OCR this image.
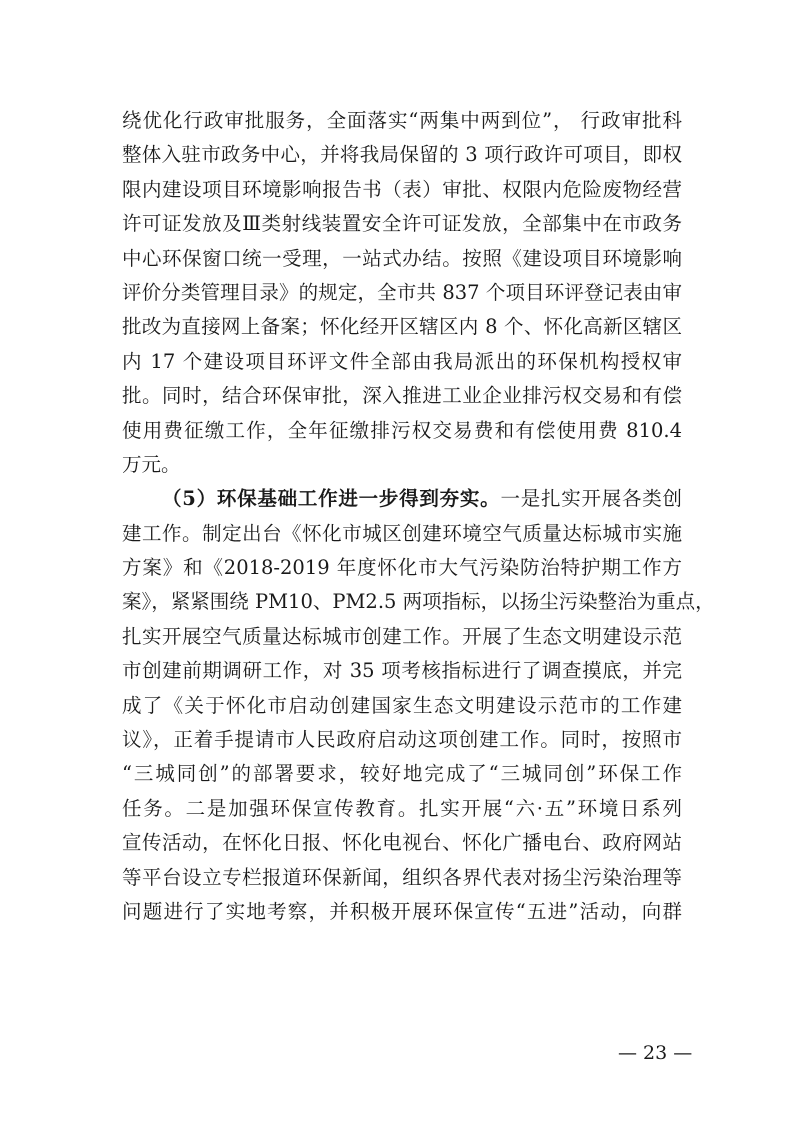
绕优化行政审批服务，全面落实“两集中两到位”， 行政审批科
整体入驻市政务中心，并将我局保留的 3 项行政许可项目，即权
限内建设项目环境影响报告书（表）审批、权限内危险废物经营
许可证发放及Ⅲ类射线装置安全许可证发放，全部集中在市政务
中心环保窗口统一受理，一站式办结。按照《建设项目环境影响
评价分类管理目录》的规定，全市共 837 个项目环评登记表由审
批改为直接网上备案；怀化经开区辖区内 8 个、怀化高新区辖区
内 17 个建设项目环评文件全部由我局派出的环保机构授权审
批。同时，结合环保审批，深入推进工业企业排污权交易和有偿
使用费征缴工作，全年征缴排污权交易费和有偿使用费 810.4
万元。
（5）环保基础工作进一步得到夯实。一是扎实开展各类创
建工作。制定出台《怀化市城区创建环境空气质量达标城市实施
方案》和《2018-2019 年度怀化市大气污染防治特护期工作方
案》，紧紧围绕 PM10、PM2.5 两项指标，以扬尘污染整治为重点，
扎实开展空气质量达标城市创建工作。开展了生态文明建设示范
市创建前期调研工作，对 35 项考核指标进行了调查摸底，并完
成了《关于怀化市启动创建国家生态文明建设示范市的工作建
议》，正着手提请市人民政府启动这项创建工作。同时，按照市
“三城同创”的部署要求，较好地完成了“三城同创”环保工作
任务。二是加强环保宣传教育。扎实开展“六·五”环境日系列
宣传活动，在怀化日报、怀化电视台、怀化广播电台、政府网站
等平台设立专栏报道环保新闻，组织各界代表对扬尘污染治理等
问题进行了实地考察，并积极开展环保宣传“五进”活动，向群
— 23 —
